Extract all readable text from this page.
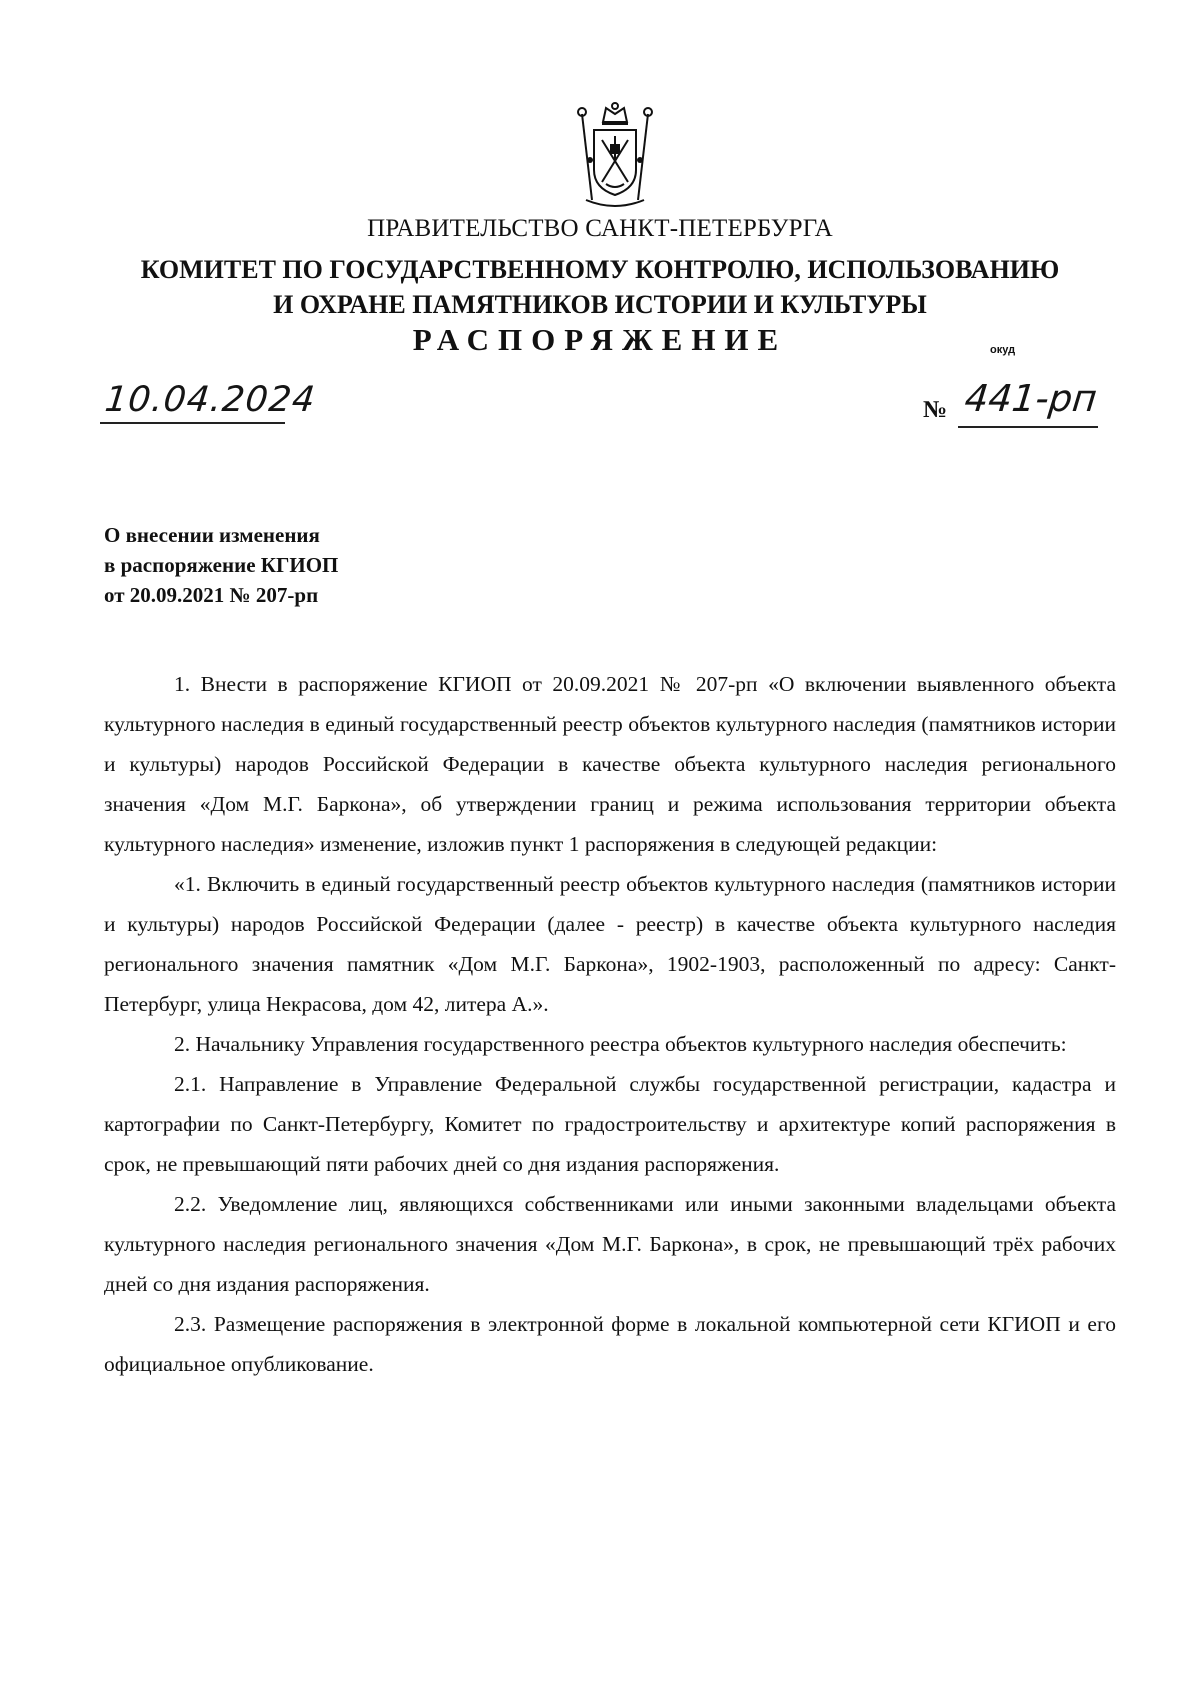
ПРАВИТЕЛЬСТВО САНКТ-ПЕТЕРБУРГА
КОМИТЕТ ПО ГОСУДАРСТВЕННОМУ КОНТРОЛЮ, ИСПОЛЬЗОВАНИЮ
И ОХРАНЕ ПАМЯТНИКОВ ИСТОРИИ И КУЛЬТУРЫ
РАСПОРЯЖЕНИЕ	окуд
10.04.2024	№ 441-рп
О внесении изменения
в распоряжение КГИОП
от 20.09.2021 № 207-рп

1. Внести в распоряжение КГИОП от 20.09.2021 № 207-рп «О включении выявленного объекта культурного наследия в единый государственный реестр объектов культурного наследия (памятников истории и культуры) народов Российской Федерации в качестве объекта культурного наследия регионального значения «Дом М.Г. Баркона», об утверждении границ и режима использования территории объекта культурного наследия» изменение, изложив пункт 1 распоряжения в следующей редакции:

«1. Включить в единый государственный реестр объектов культурного наследия (памятников истории и культуры) народов Российской Федерации (далее - реестр) в качестве объекта культурного наследия регионального значения памятник «Дом М.Г. Баркона», 1902-1903, расположенный по адресу: Санкт-Петербург, улица Некрасова, дом 42, литера А.».

2. Начальнику Управления государственного реестра объектов культурного наследия обеспечить:

2.1. Направление в Управление Федеральной службы государственной регистрации, кадастра и картографии по Санкт-Петербургу, Комитет по градостроительству и архитектуре копий распоряжения в срок, не превышающий пяти рабочих дней со дня издания распоряжения.

2.2. Уведомление лиц, являющихся собственниками или иными законными владельцами объекта культурного наследия регионального значения «Дом М.Г. Баркона», в срок, не превышающий трёх рабочих дней со дня издания распоряжения.

2.3. Размещение распоряжения в электронной форме в локальной компьютерной сети КГИОП и его официальное опубликование.
